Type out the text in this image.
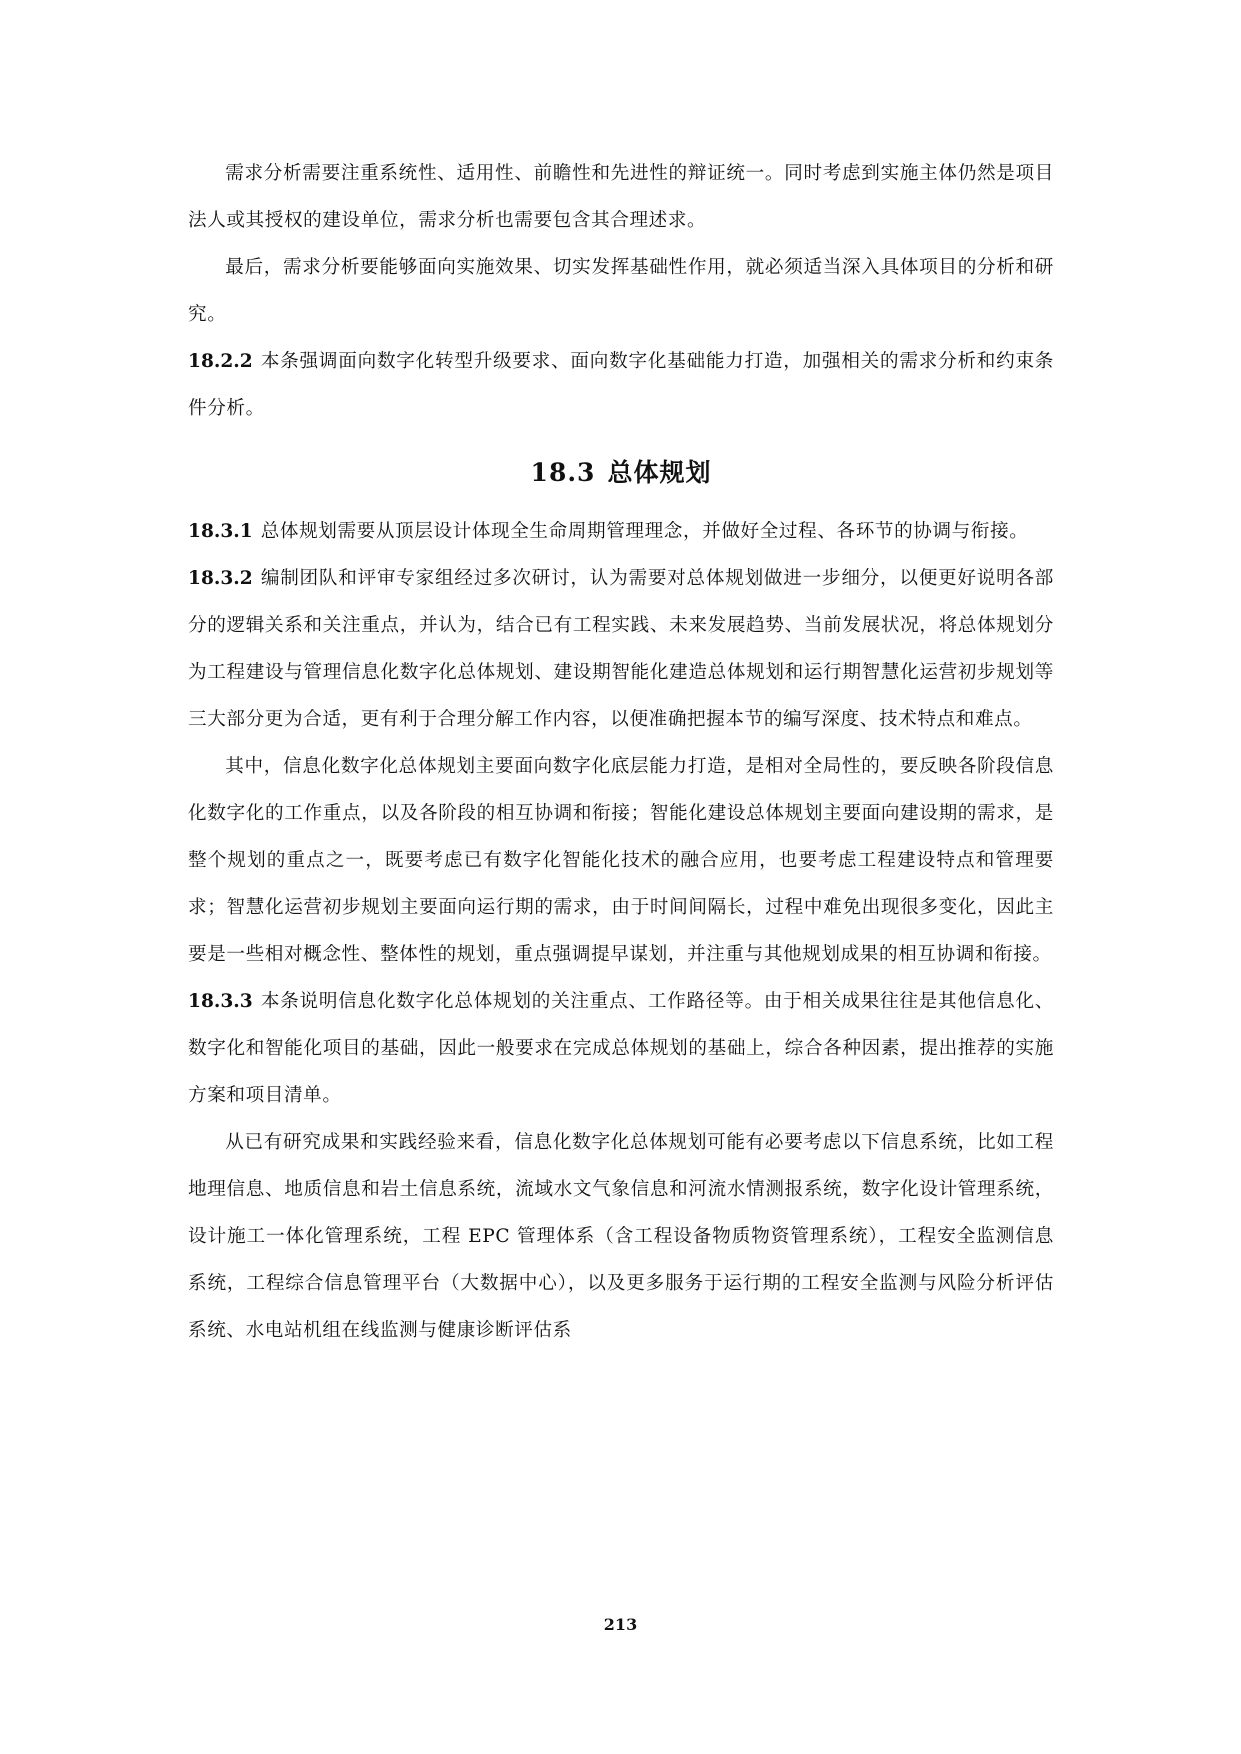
需求分析需要注重系统性、适用性、前瞻性和先进性的辩证统一。同时考虑到实施主体仍然是项目法人或其授权的建设单位，需求分析也需要包含其合理述求。

最后，需求分析要能够面向实施效果、切实发挥基础性作用，就必须适当深入具体项目的分析和研究。

18.2.2 本条强调面向数字化转型升级要求、面向数字化基础能力打造，加强相关的需求分析和约束条件分析。

18.3 总体规划

18.3.1 总体规划需要从顶层设计体现全生命周期管理理念，并做好全过程、各环节的协调与衔接。

18.3.2 编制团队和评审专家组经过多次研讨，认为需要对总体规划做进一步细分，以便更好说明各部分的逻辑关系和关注重点，并认为，结合已有工程实践、未来发展趋势、当前发展状况，将总体规划分为工程建设与管理信息化数字化总体规划、建设期智能化建造总体规划和运行期智慧化运营初步规划等三大部分更为合适，更有利于合理分解工作内容，以便准确把握本节的编写深度、技术特点和难点。

其中，信息化数字化总体规划主要面向数字化底层能力打造，是相对全局性的，要反映各阶段信息化数字化的工作重点，以及各阶段的相互协调和衔接；智能化建设总体规划主要面向建设期的需求，是整个规划的重点之一，既要考虑已有数字化智能化技术的融合应用，也要考虑工程建设特点和管理要求；智慧化运营初步规划主要面向运行期的需求，由于时间间隔长，过程中难免出现很多变化，因此主要是一些相对概念性、整体性的规划，重点强调提早谋划，并注重与其他规划成果的相互协调和衔接。

18.3.3 本条说明信息化数字化总体规划的关注重点、工作路径等。由于相关成果往往是其他信息化、数字化和智能化项目的基础，因此一般要求在完成总体规划的基础上，综合各种因素，提出推荐的实施方案和项目清单。

从已有研究成果和实践经验来看，信息化数字化总体规划可能有必要考虑以下信息系统，比如工程地理信息、地质信息和岩土信息系统，流域水文气象信息和河流水情测报系统，数字化设计管理系统，设计施工一体化管理系统，工程 EPC 管理体系（含工程设备物质物资管理系统），工程安全监测信息系统，工程综合信息管理平台（大数据中心），以及更多服务于运行期的工程安全监测与风险分析评估系统、水电站机组在线监测与健康诊断评估系

213
